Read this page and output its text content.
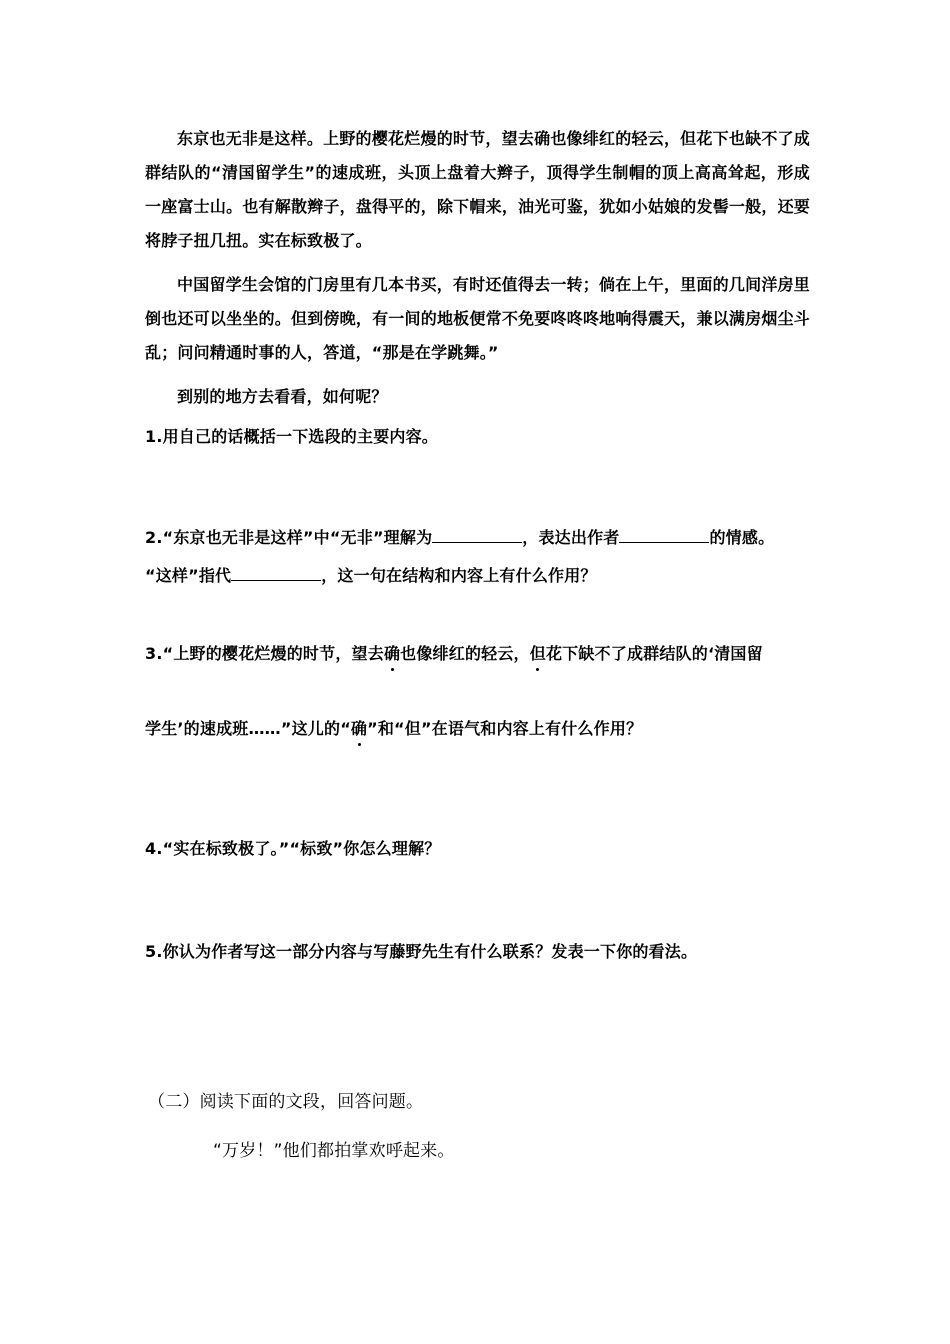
东京也无非是这样。上野的樱花烂熳的时节，望去确也像绯红的轻云，但花下也缺不了成群结队的“清国留学生”的速成班，头顶上盘着大辫子，顶得学生制帽的顶上高高耸起，形成一座富士山。也有解散辫子，盘得平的，除下帽来，油光可鉴，犹如小姑娘的发髻一般，还要将脖子扭几扭。实在标致极了。

中国留学生会馆的门房里有几本书买，有时还值得去一转；倘在上午，里面的几间洋房里倒也还可以坐坐的。但到傍晚，有一间的地板便常不免要咚咚咚地响得震天，兼以满房烟尘斗乱；问问精通时事的人，答道，“那是在学跳舞。”

到别的地方去看看，如何呢？

1.用自己的话概括一下选段的主要内容。

2.“东京也无非是这样”中“无非”理解为	，表达出作者	的情感。

“这样”指代	，这一句在结构和内容上有什么作用？

3.“上野的樱花烂熳的时节，望去确也像绯红的轻云，但花下缺不了成群结队的‘清国留

学生’的速成班……”这儿的“确”和“但”在语气和内容上有什么作用？

4.“实在标致极了。”“标致”你怎么理解？

5.你认为作者写这一部分内容与写藤野先生有什么联系？发表一下你的看法。

（二）阅读下面的文段，回答问题。

“万岁！”他们都拍掌欢呼起来。
